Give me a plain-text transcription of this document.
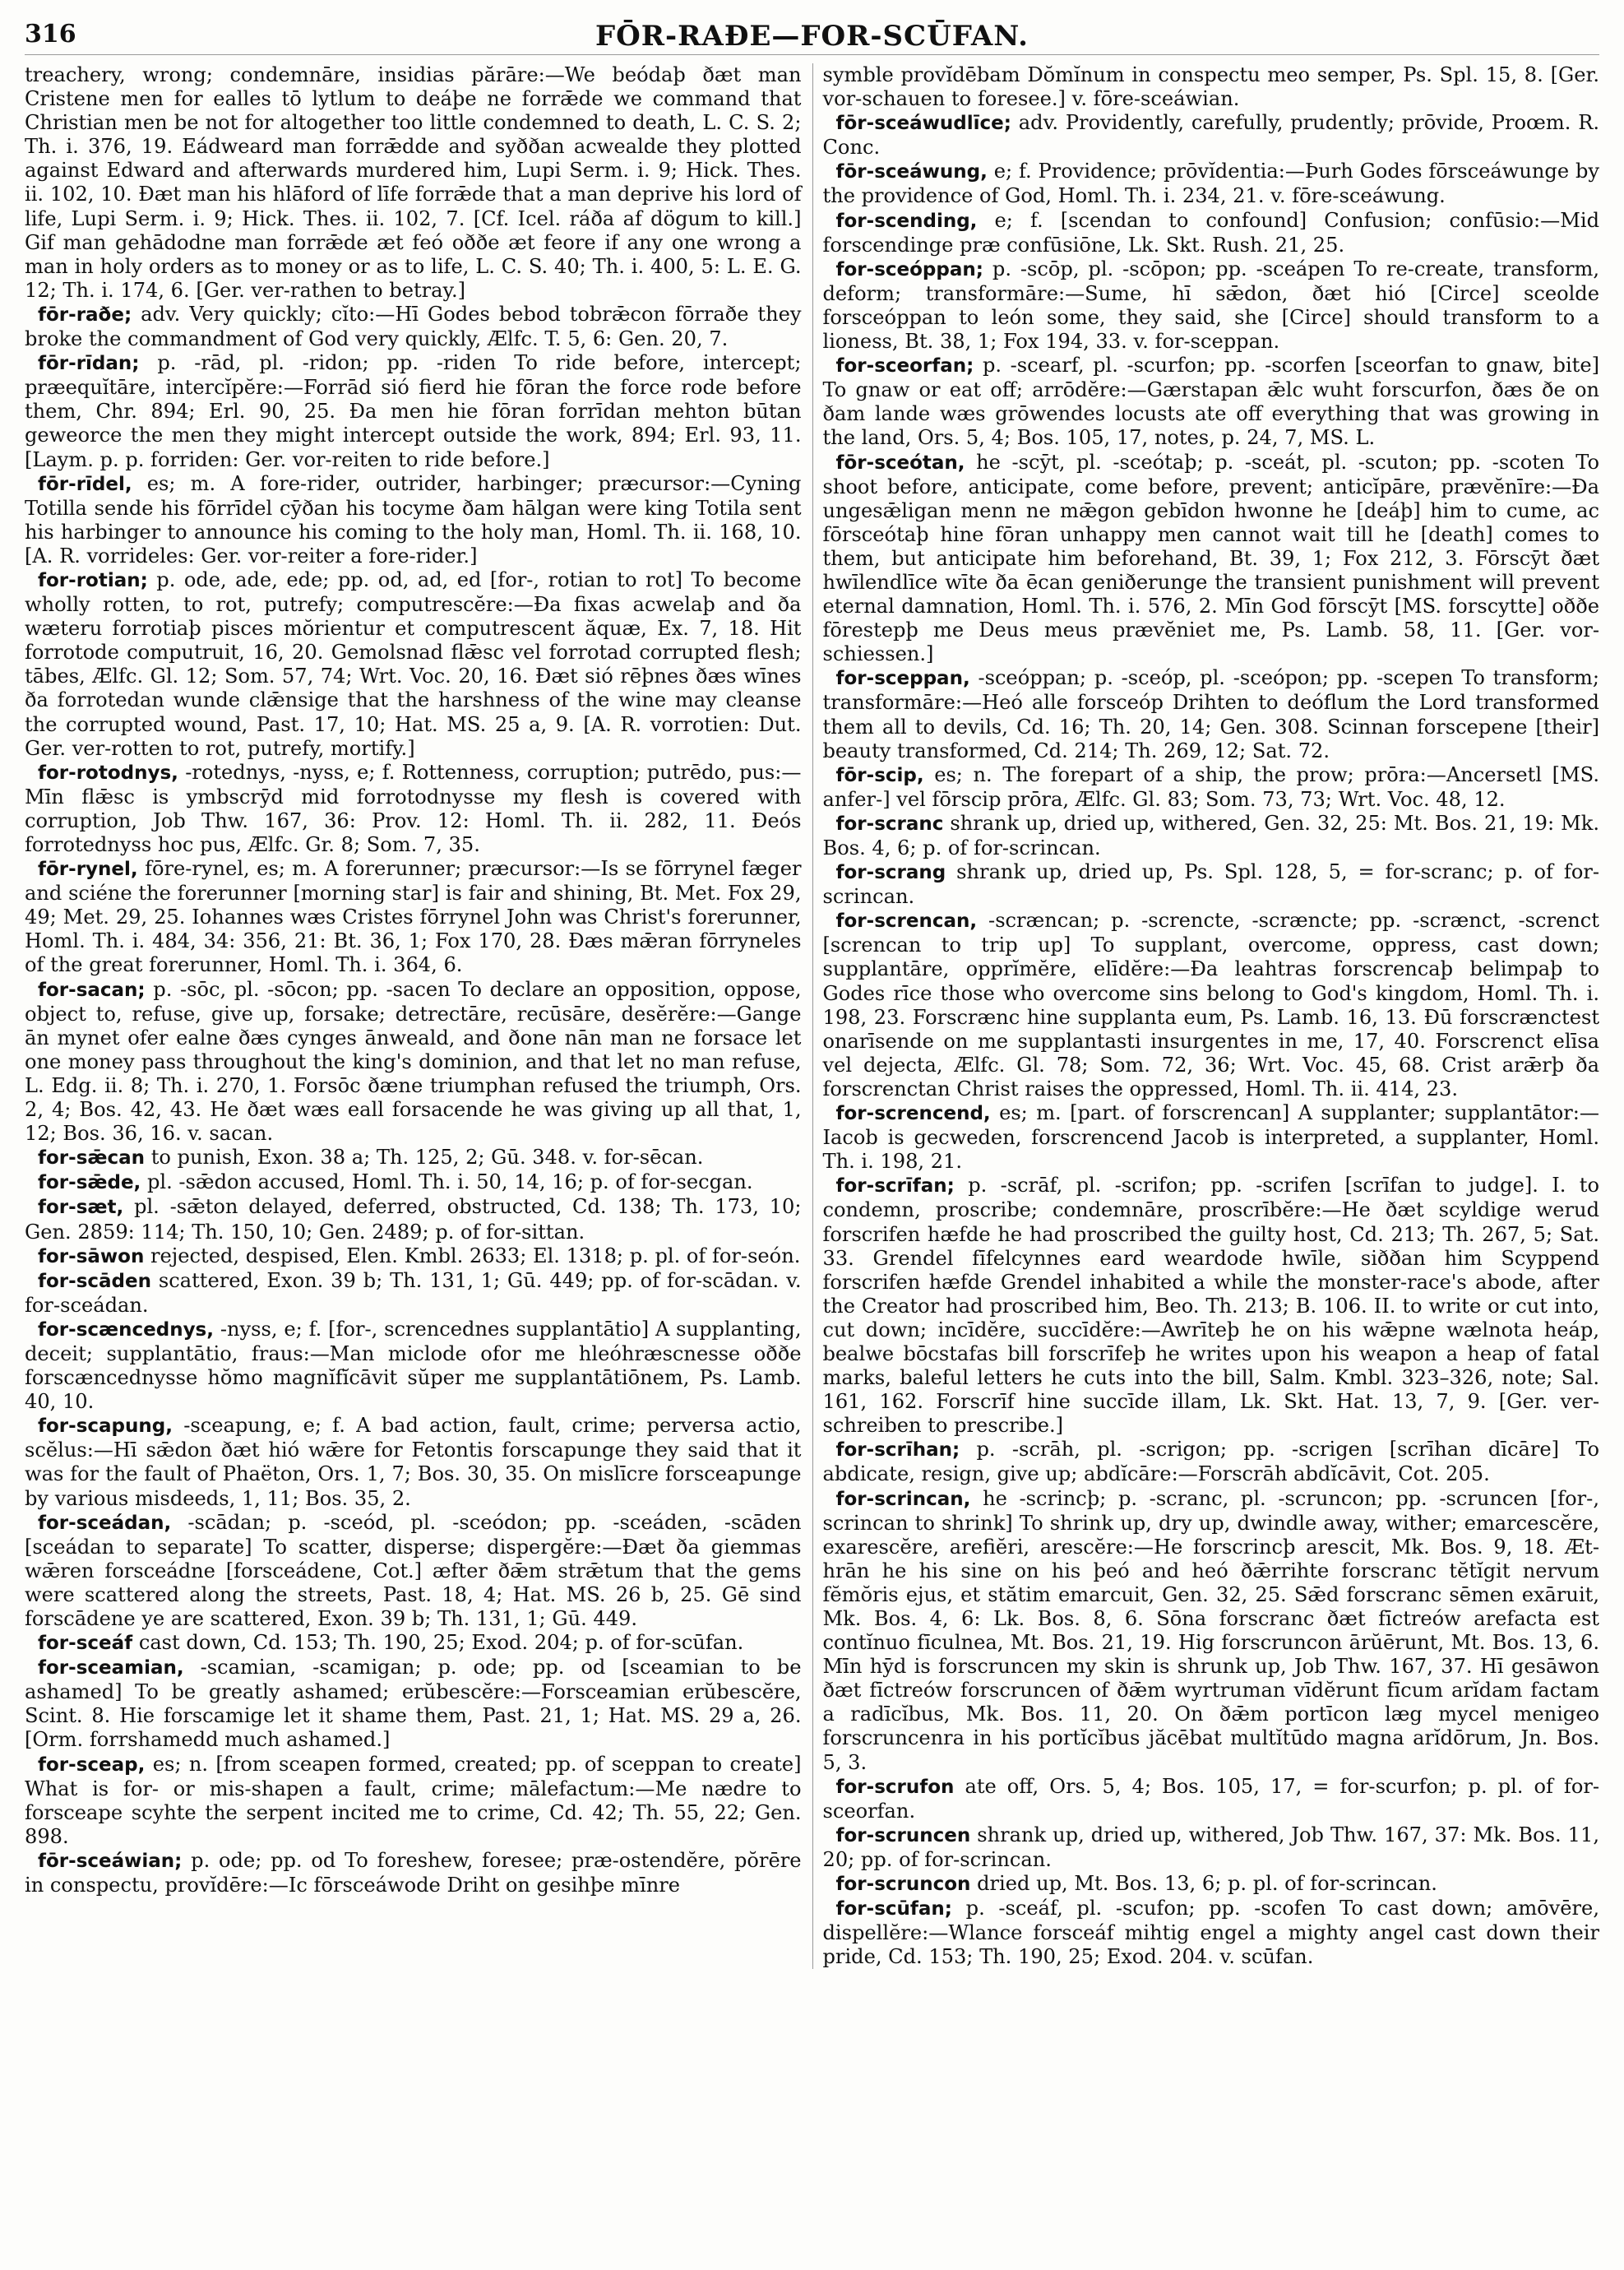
316	FŌR-RAÐE—FOR-SCŪFAN.

treachery, wrong; condemnāre, insidias părāre:—We beódaþ ðæt man Cristene men for ealles tō lytlum to deáþe ne forrǣde we command that Christian men be not for altogether too little condemned to death, L. C. S. 2; Th. i. 376, 19. Eádweard man forrǣdde and syððan acwealde they plotted against Edward and afterwards murdered him, Lupi Serm. i. 9; Hick. Thes. ii. 102, 10. Ðæt man his hlāford of līfe forrǣde that a man deprive his lord of life, Lupi Serm. i. 9; Hick. Thes. ii. 102, 7. [Cf. Icel. ráða af dögum to kill.] Gif man gehādodne man forrǣde æt feó oððe æt feore if any one wrong a man in holy orders as to money or as to life, L. C. S. 40; Th. i. 400, 5: L. E. G. 12; Th. i. 174, 6. [Ger. ver-rathen to betray.]

fōr-raðe; adv. Very quickly; cĭto:—Hī Godes bebod tobrǣcon fōrraðe they broke the commandment of God very quickly, Ælfc. T. 5, 6: Gen. 20, 7.

fōr-rīdan; p. -rād, pl. -ridon; pp. -riden To ride before, intercept; præequĭtāre, intercĭpĕre:—Forrād sió fierd hie fōran the force rode before them, Chr. 894; Erl. 90, 25. Ða men hie fōran forrīdan mehton būtan geweorce the men they might intercept outside the work, 894; Erl. 93, 11. [Laym. p. p. forriden: Ger. vor-reiten to ride before.]

fōr-rīdel, es; m. A fore-rider, outrider, harbinger; præcursor:—Cyning Totilla sende his fōrrīdel cȳðan his tocyme ðam hālgan were king Totila sent his harbinger to announce his coming to the holy man, Homl. Th. ii. 168, 10. [A. R. vorrideles: Ger. vor-reiter a fore-rider.]

for-rotian; p. ode, ade, ede; pp. od, ad, ed [for-, rotian to rot] To become wholly rotten, to rot, putrefy; computrescĕre:—Ða fixas acwelaþ and ða wæteru forrotiaþ pisces mŏrientur et computrescent ăquæ, Ex. 7, 18. Hit forrotode computruit, 16, 20. Gemolsnad flǣsc vel forrotad corrupted flesh; tābes, Ælfc. Gl. 12; Som. 57, 74; Wrt. Voc. 20, 16. Ðæt sió rēþnes ðæs wīnes ða forrotedan wunde clǣnsige that the harshness of the wine may cleanse the corrupted wound, Past. 17, 10; Hat. MS. 25 a, 9. [A. R. vorrotien: Dut. Ger. ver-rotten to rot, putrefy, mortify.]

for-rotodnys, -rotednys, -nyss, e; f. Rottenness, corruption; putrēdo, pus:—Mīn flǣsc is ymbscrȳd mid forrotodnysse my flesh is covered with corruption, Job Thw. 167, 36: Prov. 12: Homl. Th. ii. 282, 11. Ðeós forrotednyss hoc pus, Ælfc. Gr. 8; Som. 7, 35.

fōr-rynel, fōre-rynel, es; m. A forerunner; præcursor:—Is se fōrrynel fæger and sciéne the forerunner [morning star] is fair and shining, Bt. Met. Fox 29, 49; Met. 29, 25. Iohannes wæs Cristes fōrrynel John was Christ's forerunner, Homl. Th. i. 484, 34: 356, 21: Bt. 36, 1; Fox 170, 28. Ðæs mǣran fōrryneles of the great forerunner, Homl. Th. i. 364, 6.

for-sacan; p. -sōc, pl. -sōcon; pp. -sacen To declare an opposition, oppose, object to, refuse, give up, forsake; detrectāre, recūsāre, desĕrĕre:—Gange ān mynet ofer ealne ðæs cynges ānweald, and ðone nān man ne forsace let one money pass throughout the king's dominion, and that let no man refuse, L. Edg. ii. 8; Th. i. 270, 1. Forsōc ðæne triumphan refused the triumph, Ors. 2, 4; Bos. 42, 43. He ðæt wæs eall forsacende he was giving up all that, 1, 12; Bos. 36, 16. v. sacan.

for-sǣcan to punish, Exon. 38 a; Th. 125, 2; Gū. 348. v. for-sēcan.

for-sǣde, pl. -sǣdon accused, Homl. Th. i. 50, 14, 16; p. of for-secgan.

for-sæt, pl. -sǣton delayed, deferred, obstructed, Cd. 138; Th. 173, 10; Gen. 2859: 114; Th. 150, 10; Gen. 2489; p. of for-sittan.

for-sāwon rejected, despised, Elen. Kmbl. 2633; El. 1318; p. pl. of for-seón.

for-scāden scattered, Exon. 39 b; Th. 131, 1; Gū. 449; pp. of for-scādan. v. for-sceádan.

for-scæncednys, -nyss, e; f. [for-, screncednes supplantātio] A supplanting, deceit; supplantātio, fraus:—Man miclode ofor me hleóhræscnesse oððe forscæncednysse hŏmo magnĭfĭcāvit sŭper me supplantātiōnem, Ps. Lamb. 40, 10.

for-scapung, -sceapung, e; f. A bad action, fault, crime; perversa actio, scĕlus:—Hī sǣdon ðæt hió wǣre for Fetontis forscapunge they said that it was for the fault of Phaëton, Ors. 1, 7; Bos. 30, 35. On mislīcre forsceapunge by various misdeeds, 1, 11; Bos. 35, 2.

for-sceádan, -scādan; p. -sceód, pl. -sceódon; pp. -sceáden, -scāden [sceádan to separate] To scatter, disperse; dispergĕre:—Ðæt ða giemmas wǣren forsceádne [forsceádene, Cot.] æfter ðǣm strǣtum that the gems were scattered along the streets, Past. 18, 4; Hat. MS. 26 b, 25. Gē sind forscādene ye are scattered, Exon. 39 b; Th. 131, 1; Gū. 449.

for-sceáf cast down, Cd. 153; Th. 190, 25; Exod. 204; p. of for-scūfan.

for-sceamian, -scamian, -scamigan; p. ode; pp. od [sceamian to be ashamed] To be greatly ashamed; erŭbescĕre:—Forsceamian erŭbescĕre, Scint. 8. Hie forscamige let it shame them, Past. 21, 1; Hat. MS. 29 a, 26. [Orm. forrshamedd much ashamed.]

for-sceap, es; n. [from sceapen formed, created; pp. of sceppan to create] What is for- or mis-shapen a fault, crime; mālefactum:—Me nædre to forsceape scyhte the serpent incited me to crime, Cd. 42; Th. 55, 22; Gen. 898.

fōr-sceáwian; p. ode; pp. od To foreshew, foresee; præ-ostendĕre, pŏrēre in conspectu, provĭdēre:—Ic fōrsceáwode Driht on gesihþe mīnre

symble provĭdēbam Dŏmĭnum in conspectu meo semper, Ps. Spl. 15, 8. [Ger. vor-schauen to foresee.] v. fōre-sceáwian.

fōr-sceáwudlīce; adv. Providently, carefully, prudently; prōvide, Proœm. R. Conc.

fōr-sceáwung, e; f. Providence; prōvĭdentia:—Þurh Godes fōrsceáwunge by the providence of God, Homl. Th. i. 234, 21. v. fōre-sceáwung.

for-scending, e; f. [scendan to confound] Confusion; confūsio:—Mid forscendinge præ confūsiōne, Lk. Skt. Rush. 21, 25.

for-sceóppan; p. -scōp, pl. -scōpon; pp. -sceápen To re-create, transform, deform; transformāre:—Sume, hī sǣdon, ðæt hió [Circe] sceolde forsceóppan to león some, they said, she [Circe] should transform to a lioness, Bt. 38, 1; Fox 194, 33. v. for-sceppan.

for-sceorfan; p. -scearf, pl. -scurfon; pp. -scorfen [sceorfan to gnaw, bite] To gnaw or eat off; arrōdĕre:—Gærstapan ǣlc wuht forscurfon, ðæs ðe on ðam lande wæs grōwendes locusts ate off everything that was growing in the land, Ors. 5, 4; Bos. 105, 17, notes, p. 24, 7, MS. L.

fōr-sceótan, he -scȳt, pl. -sceótaþ; p. -sceát, pl. -scuton; pp. -scoten To shoot before, anticipate, come before, prevent; anticĭpāre, prævĕnīre:—Ða ungesǣligan menn ne mǣgon gebīdon hwonne he [deáþ] him to cume, ac fōrsceótaþ hine fōran unhappy men cannot wait till he [death] comes to them, but anticipate him beforehand, Bt. 39, 1; Fox 212, 3. Fōrscȳt ðæt hwīlendlīce wīte ða ēcan geniðerunge the transient punishment will prevent eternal damnation, Homl. Th. i. 576, 2. Mīn God fōrscȳt [MS. forscytte] oððe fōrestepþ me Deus meus prævĕniet me, Ps. Lamb. 58, 11. [Ger. vor-schiessen.]

for-sceppan, -sceóppan; p. -sceóp, pl. -sceópon; pp. -scepen To transform; transformāre:—Heó alle forsceóp Drihten to deóflum the Lord transformed them all to devils, Cd. 16; Th. 20, 14; Gen. 308. Scinnan forscepene [their] beauty transformed, Cd. 214; Th. 269, 12; Sat. 72.

fōr-scip, es; n. The forepart of a ship, the prow; prōra:—Ancersetl [MS. anfer-] vel fōrscip prōra, Ælfc. Gl. 83; Som. 73, 73; Wrt. Voc. 48, 12.

for-scranc shrank up, dried up, withered, Gen. 32, 25: Mt. Bos. 21, 19: Mk. Bos. 4, 6; p. of for-scrincan.

for-scrang shrank up, dried up, Ps. Spl. 128, 5, = for-scranc; p. of for-scrincan.

for-screncan, -scræncan; p. -screncte, -scræncte; pp. -scrænct, -screnct [screncan to trip up] To supplant, overcome, oppress, cast down; supplantāre, opprĭmĕre, elīdĕre:—Ða leahtras forscrencaþ belimpaþ to Godes rīce those who overcome sins belong to God's kingdom, Homl. Th. i. 198, 23. Forscrænc hine supplanta eum, Ps. Lamb. 16, 13. Ðū forscrænctest onarīsende on me supplantasti insurgentes in me, 17, 40. Forscrenct elīsa vel dejecta, Ælfc. Gl. 78; Som. 72, 36; Wrt. Voc. 45, 68. Crist arǣrþ ða forscrenctan Christ raises the oppressed, Homl. Th. ii. 414, 23.

for-screncend, es; m. [part. of forscrencan] A supplanter; supplantātor:—Iacob is gecweden, forscrencend Jacob is interpreted, a supplanter, Homl. Th. i. 198, 21.

for-scrīfan; p. -scrāf, pl. -scrifon; pp. -scrifen [scrīfan to judge]. I. to condemn, proscribe; condemnāre, proscrībĕre:—He ðæt scyldige werud forscrifen hæfde he had proscribed the guilty host, Cd. 213; Th. 267, 5; Sat. 33. Grendel fīfelcynnes eard weardode hwīle, siððan him Scyppend forscrifen hæfde Grendel inhabited a while the monster-race's abode, after the Creator had proscribed him, Beo. Th. 213; B. 106. II. to write or cut into, cut down; incīdĕre, succīdĕre:—Awrīteþ he on his wǣpne wælnota heáp, bealwe bōcstafas bill forscrīfeþ he writes upon his weapon a heap of fatal marks, baleful letters he cuts into the bill, Salm. Kmbl. 323–326, note; Sal. 161, 162. Forscrīf hine succīde illam, Lk. Skt. Hat. 13, 7, 9. [Ger. ver-schreiben to prescribe.]

for-scrīhan; p. -scrāh, pl. -scrigon; pp. -scrigen [scrīhan dīcāre] To abdicate, resign, give up; abdĭcāre:—Forscrāh abdĭcāvit, Cot. 205.

for-scrincan, he -scrincþ; p. -scranc, pl. -scruncon; pp. -scruncen [for-, scrincan to shrink] To shrink up, dry up, dwindle away, wither; emarcescĕre, exarescĕre, arefiĕri, arescĕre:—He forscrincþ arescit, Mk. Bos. 9, 18. Æt-hrān he his sine on his þeó and heó ðǣrrihte forscranc tĕtĭgit nervum fĕmŏris ejus, et stătim emarcuit, Gen. 32, 25. Sǣd forscranc sēmen exāruit, Mk. Bos. 4, 6: Lk. Bos. 8, 6. Sōna forscranc ðæt fīctreów arefacta est contĭnuo fīculnea, Mt. Bos. 21, 19. Hig forscruncon ārŭērunt, Mt. Bos. 13, 6. Mīn hȳd is forscruncen my skin is shrunk up, Job Thw. 167, 37. Hī gesāwon ðæt fīctreów forscruncen of ðǣm wyrtruman vīdĕrunt fīcum arĭdam factam a radīcĭbus, Mk. Bos. 11, 20. On ðǣm portīcon læg mycel menigeo forscruncenra in his portĭcĭbus jăcēbat multĭtūdo magna arĭdōrum, Jn. Bos. 5, 3.

for-scrufon ate off, Ors. 5, 4; Bos. 105, 17, = for-scurfon; p. pl. of for-sceorfan.

for-scruncen shrank up, dried up, withered, Job Thw. 167, 37: Mk. Bos. 11, 20; pp. of for-scrincan.

for-scruncon dried up, Mt. Bos. 13, 6; p. pl. of for-scrincan.

for-scūfan; p. -sceáf, pl. -scufon; pp. -scofen To cast down; amōvēre, dispellĕre:—Wlance forsceáf mihtig engel a mighty angel cast down their pride, Cd. 153; Th. 190, 25; Exod. 204. v. scūfan.
